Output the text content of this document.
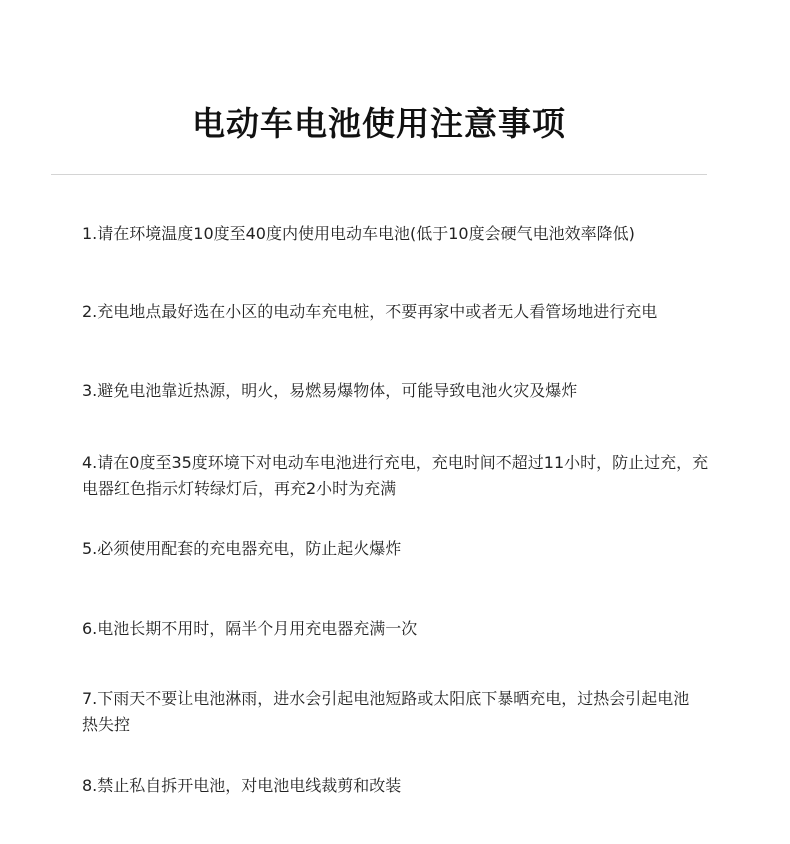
电动车电池使用注意事项
1.请在环境温度10度至40度内使用电动车电池(低于10度会硬气电池效率降低)
2.充电地点最好选在小区的电动车充电桩，不要再家中或者无人看管场地进行充电
3.避免电池靠近热源，明火，易燃易爆物体，可能导致电池火灾及爆炸
4.请在0度至35度环境下对电动车电池进行充电，充电时间不超过11小时，防止过充，充电器红色指示灯转绿灯后，再充2小时为充满
5.必须使用配套的充电器充电，防止起火爆炸
6.电池长期不用时，隔半个月用充电器充满一次
7.下雨天不要让电池淋雨，进水会引起电池短路或太阳底下暴晒充电，过热会引起电池热失控
8.禁止私自拆开电池，对电池电线裁剪和改装
